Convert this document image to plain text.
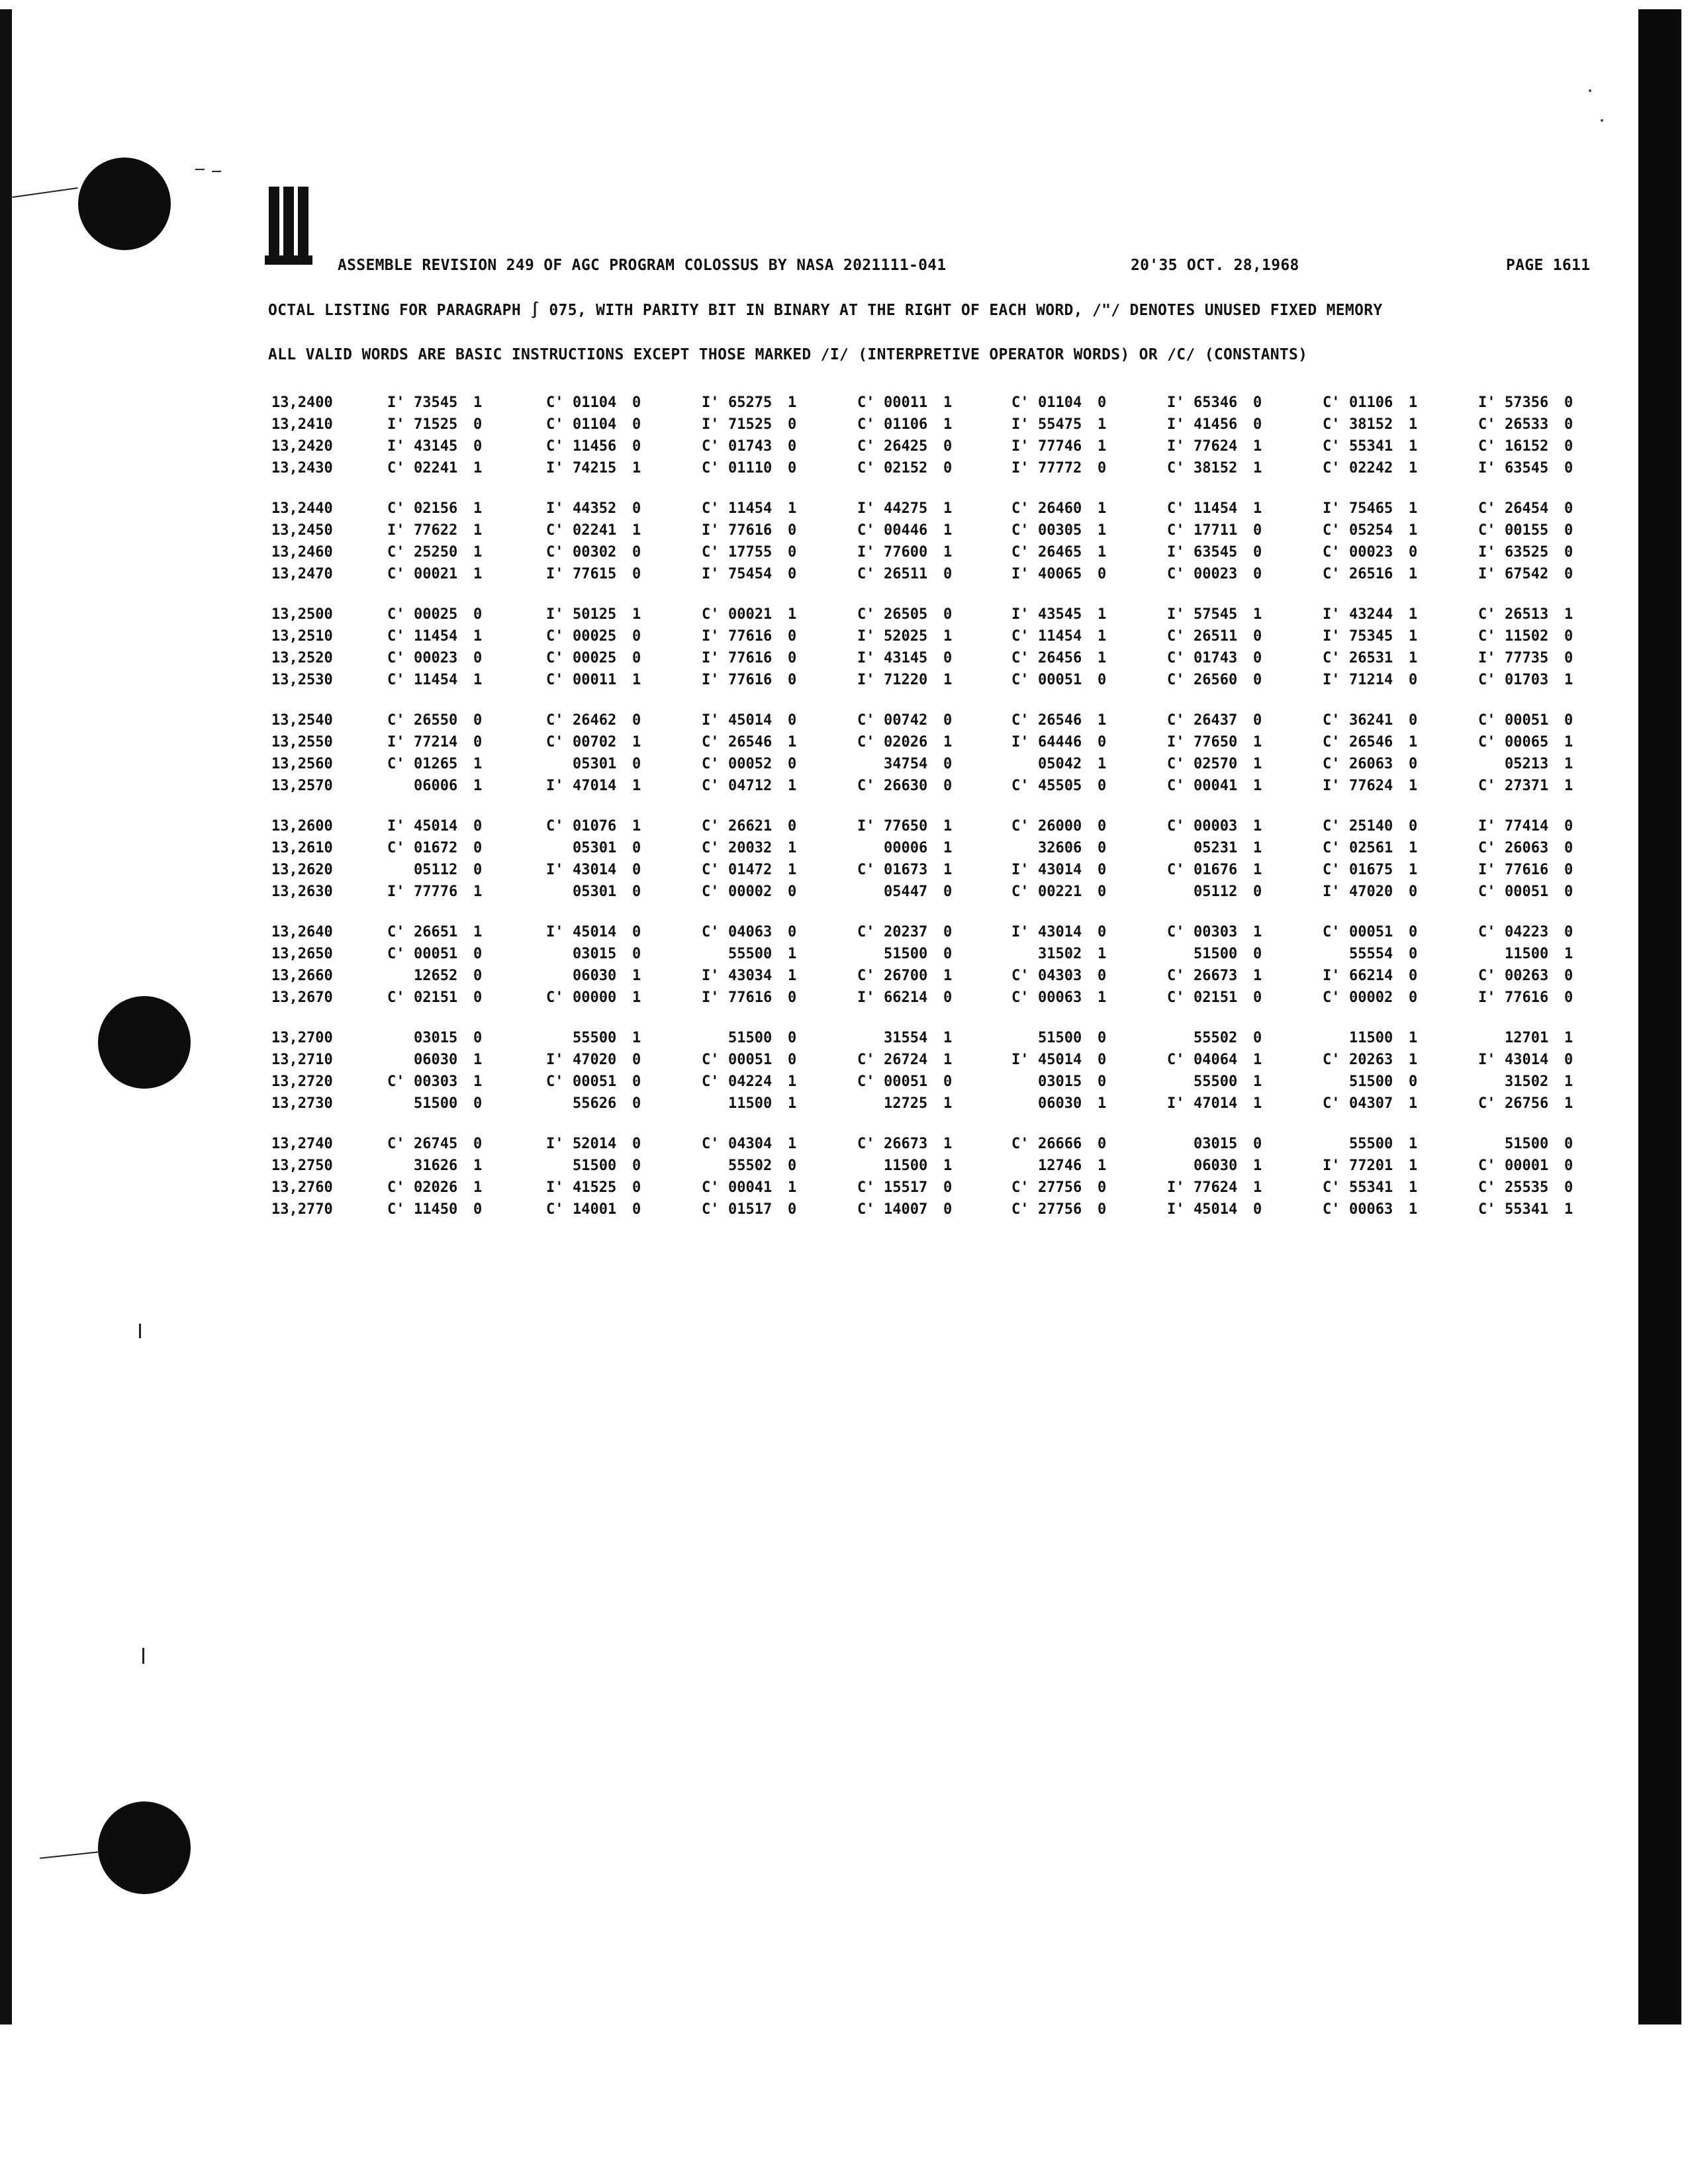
ASSEMBLE REVISION 249 OF AGC PROGRAM COLOSSUS BY NASA 2021111-041	20'35 OCT. 28,1968	PAGE 1611
OCTAL LISTING FOR PARAGRAPH ∫ 075, WITH PARITY BIT IN BINARY AT THE RIGHT OF EACH WORD, ∕"∕ DENOTES UNUSED FIXED MEMORY
ALL VALID WORDS ARE BASIC INSTRUCTIONS EXCEPT THOSE MARKED ∕I∕ (INTERPRETIVE OPERATOR WORDS) OR ∕C∕ (CONSTANTS)
13,2400	I' 73545 1	C' 01104 0	I' 65275 1	C' 00011 1	C' 01104 0	I' 65346 0	C' 01106 1	I' 57356 0
13,2410	I' 71525 0	C' 01104 0	I' 71525 0	C' 01106 1	I' 55475 1	I' 41456 0	C' 38152 1	C' 26533 0
13,2420	I' 43145 0	C' 11456 0	C' 01743 0	C' 26425 0	I' 77746 1	I' 77624 1	C' 55341 1	C' 16152 0
13,2430	C' 02241 1	I' 74215 1	C' 01110 0	C' 02152 0	I' 77772 0	C' 38152 1	C' 02242 1	I' 63545 0
13,2440	C' 02156 1	I' 44352 0	C' 11454 1	I' 44275 1	C' 26460 1	C' 11454 1	I' 75465 1	C' 26454 0
13,2450	I' 77622 1	C' 02241 1	I' 77616 0	C' 00446 1	C' 00305 1	C' 17711 0	C' 05254 1	C' 00155 0
13,2460	C' 25250 1	C' 00302 0	C' 17755 0	I' 77600 1	C' 26465 1	I' 63545 0	C' 00023 0	I' 63525 0
13,2470	C' 00021 1	I' 77615 0	I' 75454 0	C' 26511 0	I' 40065 0	C' 00023 0	C' 26516 1	I' 67542 0
13,2500	C' 00025 0	I' 50125 1	C' 00021 1	C' 26505 0	I' 43545 1	I' 57545 1	I' 43244 1	C' 26513 1
13,2510	C' 11454 1	C' 00025 0	I' 77616 0	I' 52025 1	C' 11454 1	C' 26511 0	I' 75345 1	C' 11502 0
13,2520	C' 00023 0	C' 00025 0	I' 77616 0	I' 43145 0	C' 26456 1	C' 01743 0	C' 26531 1	I' 77735 0
13,2530	C' 11454 1	C' 00011 1	I' 77616 0	I' 71220 1	C' 00051 0	C' 26560 0	I' 71214 0	C' 01703 1
13,2540	C' 26550 0	C' 26462 0	I' 45014 0	C' 00742 0	C' 26546 1	C' 26437 0	C' 36241 0	C' 00051 0
13,2550	I' 77214 0	C' 00702 1	C' 26546 1	C' 02026 1	I' 64446 0	I' 77650 1	C' 26546 1	C' 00065 1
13,2560	C' 01265 1	05301 0	C' 00052 0	34754 0	05042 1	C' 02570 1	C' 26063 0	05213 1
13,2570	06006 1	I' 47014 1	C' 04712 1	C' 26630 0	C' 45505 0	C' 00041 1	I' 77624 1	C' 27371 1
13,2600	I' 45014 0	C' 01076 1	C' 26621 0	I' 77650 1	C' 26000 0	C' 00003 1	C' 25140 0	I' 77414 0
13,2610	C' 01672 0	05301 0	C' 20032 1	00006 1	32606 0	05231 1	C' 02561 1	C' 26063 0
13,2620	05112 0	I' 43014 0	C' 01472 1	C' 01673 1	I' 43014 0	C' 01676 1	C' 01675 1	I' 77616 0
13,2630	I' 77776 1	05301 0	C' 00002 0	05447 0	C' 00221 0	05112 0	I' 47020 0	C' 00051 0
13,2640	C' 26651 1	I' 45014 0	C' 04063 0	C' 20237 0	I' 43014 0	C' 00303 1	C' 00051 0	C' 04223 0
13,2650	C' 00051 0	03015 0	55500 1	51500 0	31502 1	51500 0	55554 0	11500 1
13,2660	12652 0	06030 1	I' 43034 1	C' 26700 1	C' 04303 0	C' 26673 1	I' 66214 0	C' 00263 0
13,2670	C' 02151 0	C' 00000 1	I' 77616 0	I' 66214 0	C' 00063 1	C' 02151 0	C' 00002 0	I' 77616 0
13,2700	03015 0	55500 1	51500 0	31554 1	51500 0	55502 0	11500 1	12701 1
13,2710	06030 1	I' 47020 0	C' 00051 0	C' 26724 1	I' 45014 0	C' 04064 1	C' 20263 1	I' 43014 0
13,2720	C' 00303 1	C' 00051 0	C' 04224 1	C' 00051 0	03015 0	55500 1	51500 0	31502 1
13,2730	51500 0	55626 0	11500 1	12725 1	06030 1	I' 47014 1	C' 04307 1	C' 26756 1
13,2740	C' 26745 0	I' 52014 0	C' 04304 1	C' 26673 1	C' 26666 0	03015 0	55500 1	51500 0
13,2750	31626 1	51500 0	55502 0	11500 1	12746 1	06030 1	I' 77201 1	C' 00001 0
13,2760	C' 02026 1	I' 41525 0	C' 00041 1	C' 15517 0	C' 27756 0	I' 77624 1	C' 55341 1	C' 25535 0
13,2770	C' 11450 0	C' 14001 0	C' 01517 0	C' 14007 0	C' 27756 0	I' 45014 0	C' 00063 1	C' 55341 1
